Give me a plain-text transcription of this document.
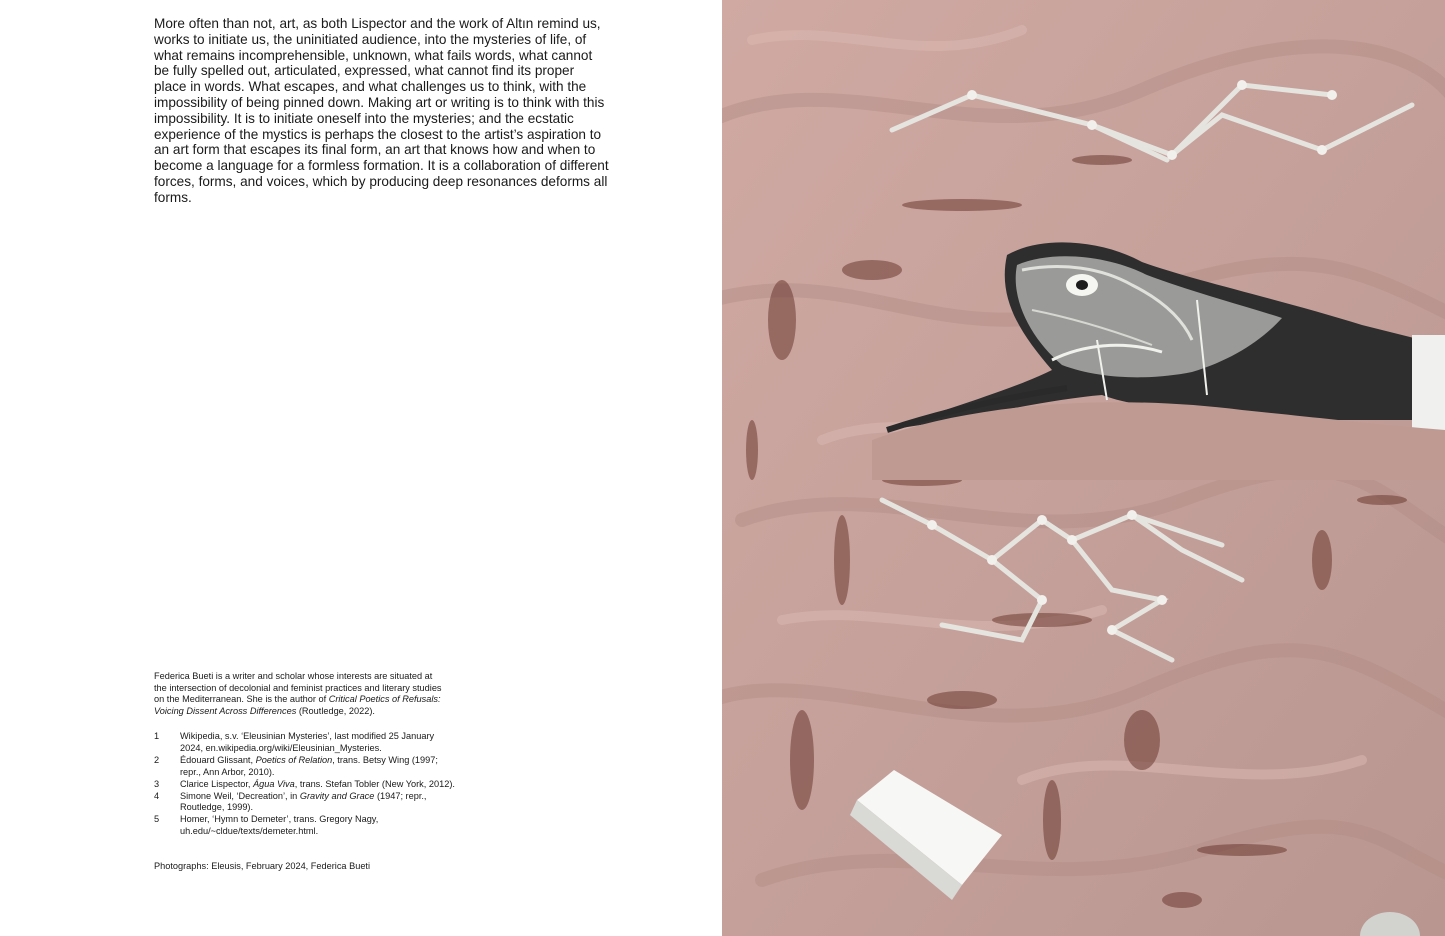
More often than not, art, as both Lispector and the work of Altın remind us, works to initiate us, the uninitiated audience, into the mysteries of life, of what remains incomprehensible, unknown, what fails words, what cannot be fully spelled out, articulated, expressed, what cannot find its proper place in words. What escapes, and what challenges us to think, with the impossibility of being pinned down. Making art or writing is to think with this impossibility. It is to initiate oneself into the mysteries; and the ecstatic experience of the mystics is perhaps the closest to the artist’s aspiration to an art form that escapes its final form, an art that knows how and when to become a language for a formless formation. It is a collaboration of different forces, forms, and voices, which by producing deep resonances deforms all forms.

Federica Bueti is a writer and scholar whose interests are situated at the intersection of decolonial and feminist practices and literary studies on the Mediterranean. She is the author of Critical Poetics of Refusals: Voicing Dissent Across Differences (Routledge, 2022).

1	Wikipedia, s.v. ‘Eleusinian Mysteries’, last modified 25 January 2024, en.wikipedia.org/wiki/Eleusinian_Mysteries.
2	Édouard Glissant, Poetics of Relation, trans. Betsy Wing (1997; repr., Ann Arbor, 2010).
3	Clarice Lispector, Água Viva, trans. Stefan Tobler (New York, 2012).
4	Simone Weil, ‘Decreation’, in Gravity and Grace (1947; repr., Routledge, 1999).
5	Homer, ‘Hymn to Demeter’, trans. Gregory Nagy, uh.edu/~cldue/texts/demeter.html.

Photographs: Eleusis, February 2024, Federica Bueti
